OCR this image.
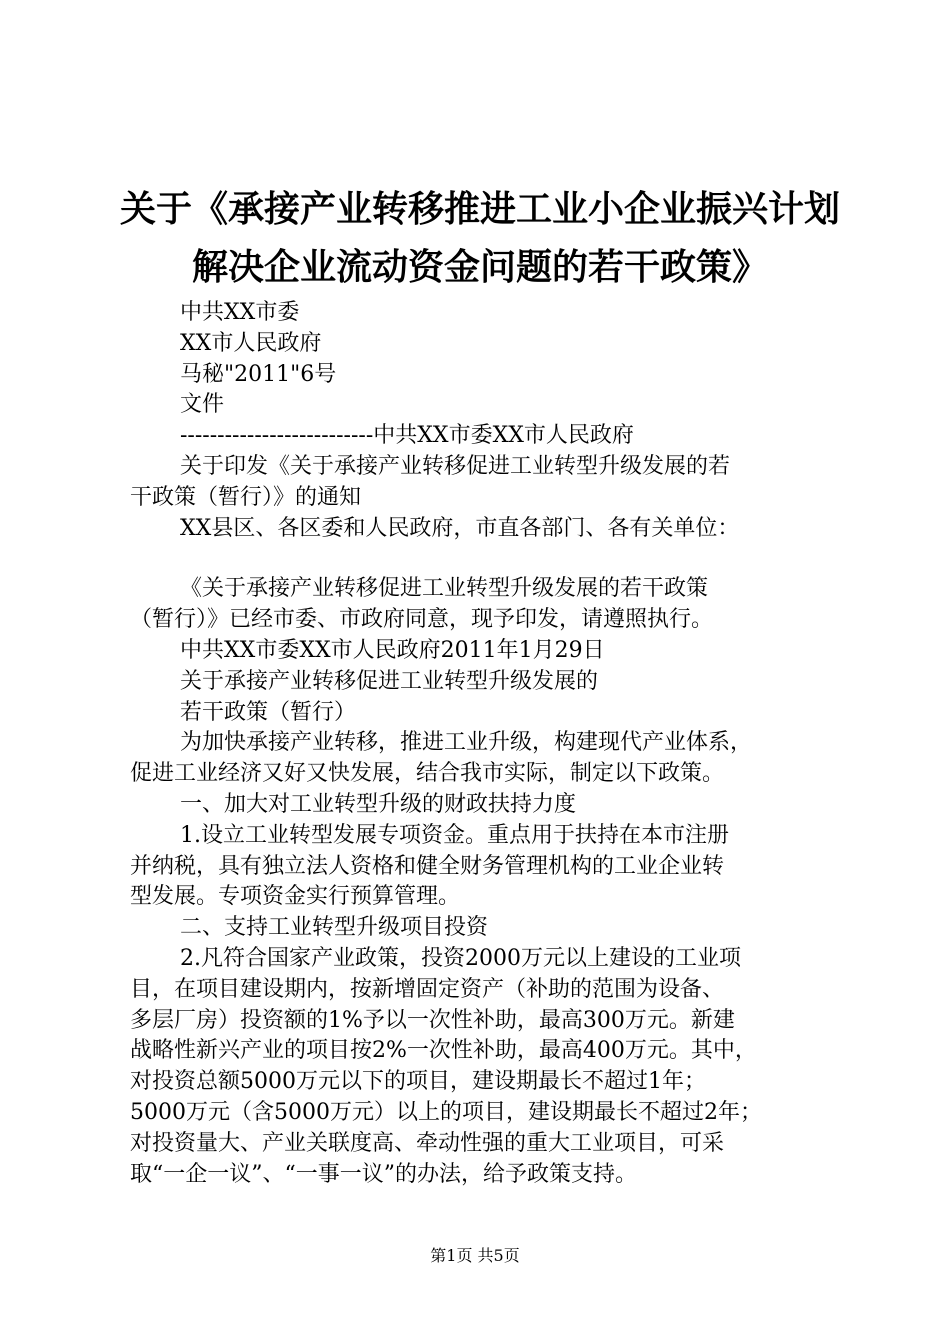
关于《承接产业转移推进工业小企业振兴计划
解决企业流动资金问题的若干政策》

中共XX市委

XX市人民政府

马秘"2011"6号

文件

--------------------------中共XX市委XX市人民政府

关于印发《关于承接产业转移促进工业转型升级发展的若

干政策（暂行）》的通知

XX县区、各区委和人民政府，市直各部门、各有关单位：

《关于承接产业转移促进工业转型升级发展的若干政策

（暂行）》已经市委、市政府同意，现予印发，请遵照执行。

中共XX市委XX市人民政府2011年1月29日

关于承接产业转移促进工业转型升级发展的

若干政策（暂行）

为加快承接产业转移，推进工业升级，构建现代产业体系，

促进工业经济又好又快发展，结合我市实际，制定以下政策。

一、加大对工业转型升级的财政扶持力度

1.设立工业转型发展专项资金。重点用于扶持在本市注册

并纳税，具有独立法人资格和健全财务管理机构的工业企业转

型发展。专项资金实行预算管理。

二、支持工业转型升级项目投资

2.凡符合国家产业政策，投资2000万元以上建设的工业项

目，在项目建设期内，按新增固定资产（补助的范围为设备、

多层厂房）投资额的1%予以一次性补助，最高300万元。新建

战略性新兴产业的项目按2%一次性补助，最高400万元。其中，

对投资总额5000万元以下的项目，建设期最长不超过1年；

5000万元（含5000万元）以上的项目，建设期最长不超过2年；

对投资量大、产业关联度高、牵动性强的重大工业项目，可采

取“一企一议”、“一事一议”的办法，给予政策支持。

第1页 共5页
